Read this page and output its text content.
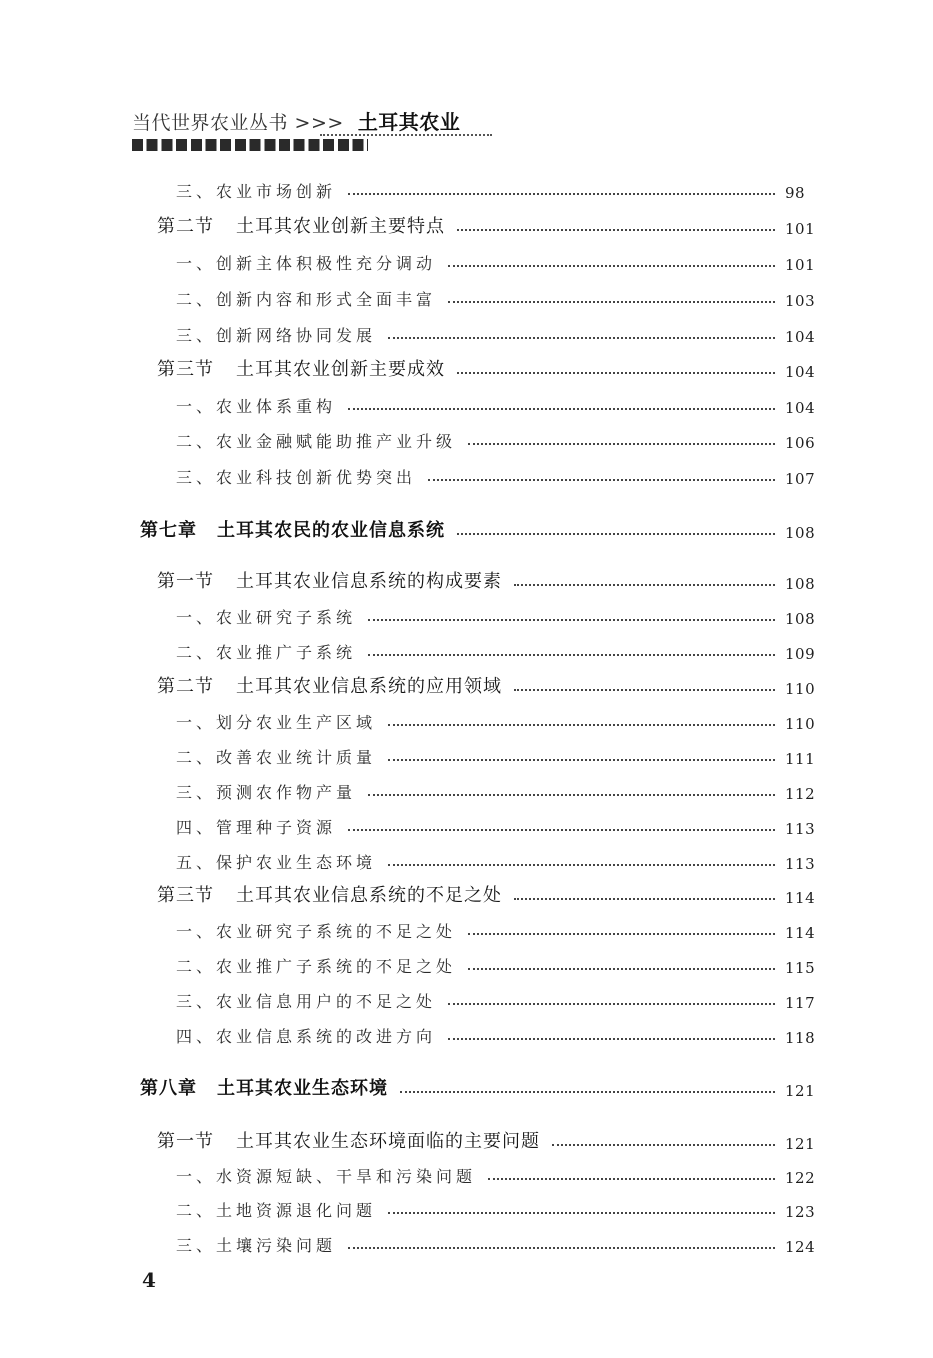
当代世界农业丛书 >>> 土耳其农业
三、农业市场创新	98
第二节 土耳其农业创新主要特点	101
一、创新主体积极性充分调动	101
二、创新内容和形式全面丰富	103
三、创新网络协同发展	104
第三节 土耳其农业创新主要成效	104
一、农业体系重构	104
二、农业金融赋能助推产业升级	106
三、农业科技创新优势突出	107
第七章 土耳其农民的农业信息系统	108
第一节 土耳其农业信息系统的构成要素	108
一、农业研究子系统	108
二、农业推广子系统	109
第二节 土耳其农业信息系统的应用领域	110
一、划分农业生产区域	110
二、改善农业统计质量	111
三、预测农作物产量	112
四、管理种子资源	113
五、保护农业生态环境	113
第三节 土耳其农业信息系统的不足之处	114
一、农业研究子系统的不足之处	114
二、农业推广子系统的不足之处	115
三、农业信息用户的不足之处	117
四、农业信息系统的改进方向	118
第八章 土耳其农业生态环境	121
第一节 土耳其农业生态环境面临的主要问题	121
一、水资源短缺、干旱和污染问题	122
二、土地资源退化问题	123
三、土壤污染问题	124
4
